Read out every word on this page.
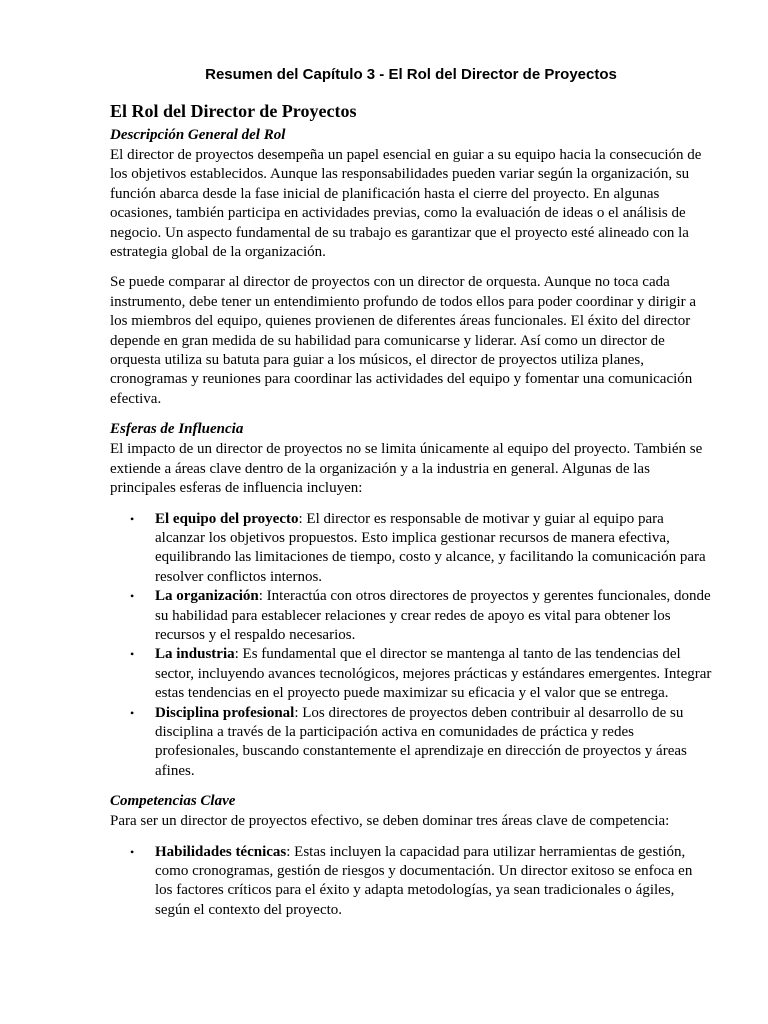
Resumen del Capítulo 3 - El Rol del Director de Proyectos
El Rol del Director de Proyectos
Descripción General del Rol

El director de proyectos desempeña un papel esencial en guiar a su equipo hacia la consecución de los objetivos establecidos. Aunque las responsabilidades pueden variar según la organización, su función abarca desde la fase inicial de planificación hasta el cierre del proyecto. En algunas ocasiones, también participa en actividades previas, como la evaluación de ideas o el análisis de negocio. Un aspecto fundamental de su trabajo es garantizar que el proyecto esté alineado con la estrategia global de la organización.

Se puede comparar al director de proyectos con un director de orquesta. Aunque no toca cada instrumento, debe tener un entendimiento profundo de todos ellos para poder coordinar y dirigir a los miembros del equipo, quienes provienen de diferentes áreas funcionales. El éxito del director depende en gran medida de su habilidad para comunicarse y liderar. Así como un director de orquesta utiliza su batuta para guiar a los músicos, el director de proyectos utiliza planes, cronogramas y reuniones para coordinar las actividades del equipo y fomentar una comunicación efectiva.

Esferas de Influencia

El impacto de un director de proyectos no se limita únicamente al equipo del proyecto. También se extiende a áreas clave dentro de la organización y a la industria en general. Algunas de las principales esferas de influencia incluyen:

• El equipo del proyecto: El director es responsable de motivar y guiar al equipo para alcanzar los objetivos propuestos. Esto implica gestionar recursos de manera efectiva, equilibrando las limitaciones de tiempo, costo y alcance, y facilitando la comunicación para resolver conflictos internos.
• La organización: Interactúa con otros directores de proyectos y gerentes funcionales, donde su habilidad para establecer relaciones y crear redes de apoyo es vital para obtener los recursos y el respaldo necesarios.
• La industria: Es fundamental que el director se mantenga al tanto de las tendencias del sector, incluyendo avances tecnológicos, mejores prácticas y estándares emergentes. Integrar estas tendencias en el proyecto puede maximizar su eficacia y el valor que se entrega.
• Disciplina profesional: Los directores de proyectos deben contribuir al desarrollo de su disciplina a través de la participación activa en comunidades de práctica y redes profesionales, buscando constantemente el aprendizaje en dirección de proyectos y áreas afines.
Competencias Clave

Para ser un director de proyectos efectivo, se deben dominar tres áreas clave de competencia:

• Habilidades técnicas: Estas incluyen la capacidad para utilizar herramientas de gestión, como cronogramas, gestión de riesgos y documentación. Un director exitoso se enfoca en los factores críticos para el éxito y adapta metodologías, ya sean tradicionales o ágiles, según el contexto del proyecto.
